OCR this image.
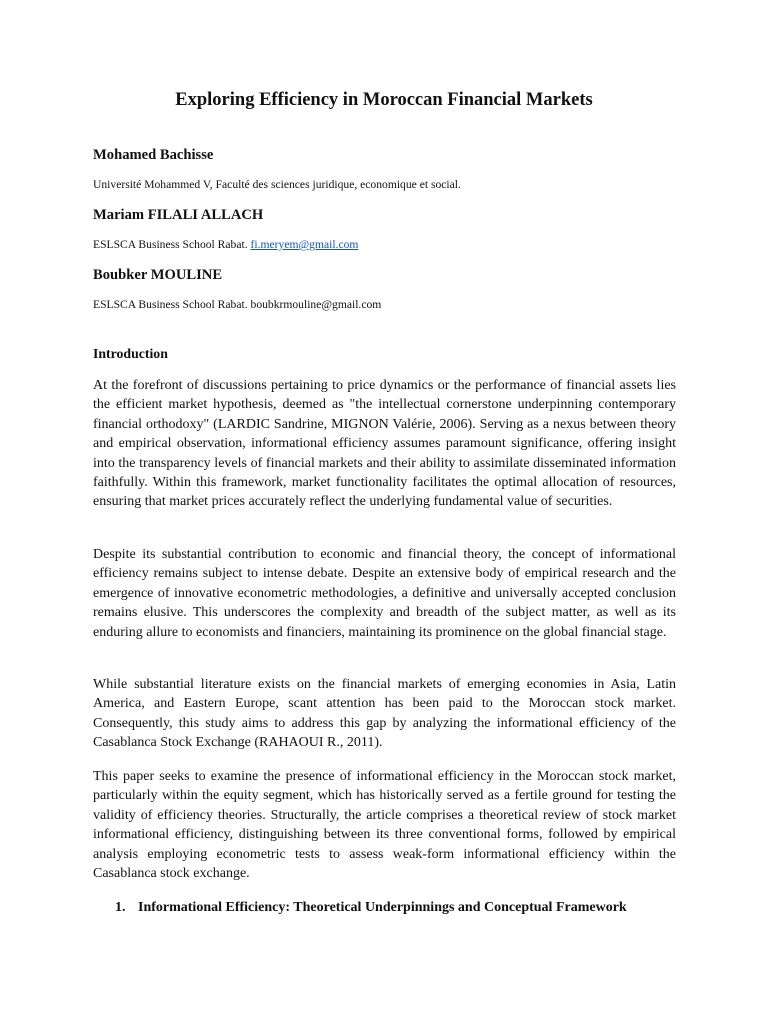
Exploring Efficiency in Moroccan Financial Markets
Mohamed Bachisse
Université Mohammed V, Faculté des sciences juridique, economique et social.
Mariam FILALI ALLACH
ESLSCA Business School Rabat. fi.meryem@gmail.com
Boubker MOULINE
ESLSCA Business School Rabat. boubkrmouline@gmail.com
Introduction
At the forefront of discussions pertaining to price dynamics or the performance of financial assets lies the efficient market hypothesis, deemed as "the intellectual cornerstone underpinning contemporary financial orthodoxy" (LARDIC Sandrine, MIGNON Valérie, 2006). Serving as a nexus between theory and empirical observation, informational efficiency assumes paramount significance, offering insight into the transparency levels of financial markets and their ability to assimilate disseminated information faithfully. Within this framework, market functionality facilitates the optimal allocation of resources, ensuring that market prices accurately reflect the underlying fundamental value of securities.
Despite its substantial contribution to economic and financial theory, the concept of informational efficiency remains subject to intense debate. Despite an extensive body of empirical research and the emergence of innovative econometric methodologies, a definitive and universally accepted conclusion remains elusive. This underscores the complexity and breadth of the subject matter, as well as its enduring allure to economists and financiers, maintaining its prominence on the global financial stage.
While substantial literature exists on the financial markets of emerging economies in Asia, Latin America, and Eastern Europe, scant attention has been paid to the Moroccan stock market. Consequently, this study aims to address this gap by analyzing the informational efficiency of the Casablanca Stock Exchange (RAHAOUI R., 2011).
This paper seeks to examine the presence of informational efficiency in the Moroccan stock market, particularly within the equity segment, which has historically served as a fertile ground for testing the validity of efficiency theories. Structurally, the article comprises a theoretical review of stock market informational efficiency, distinguishing between its three conventional forms, followed by empirical analysis employing econometric tests to assess weak-form informational efficiency within the Casablanca stock exchange.
1. Informational Efficiency: Theoretical Underpinnings and Conceptual Framework
